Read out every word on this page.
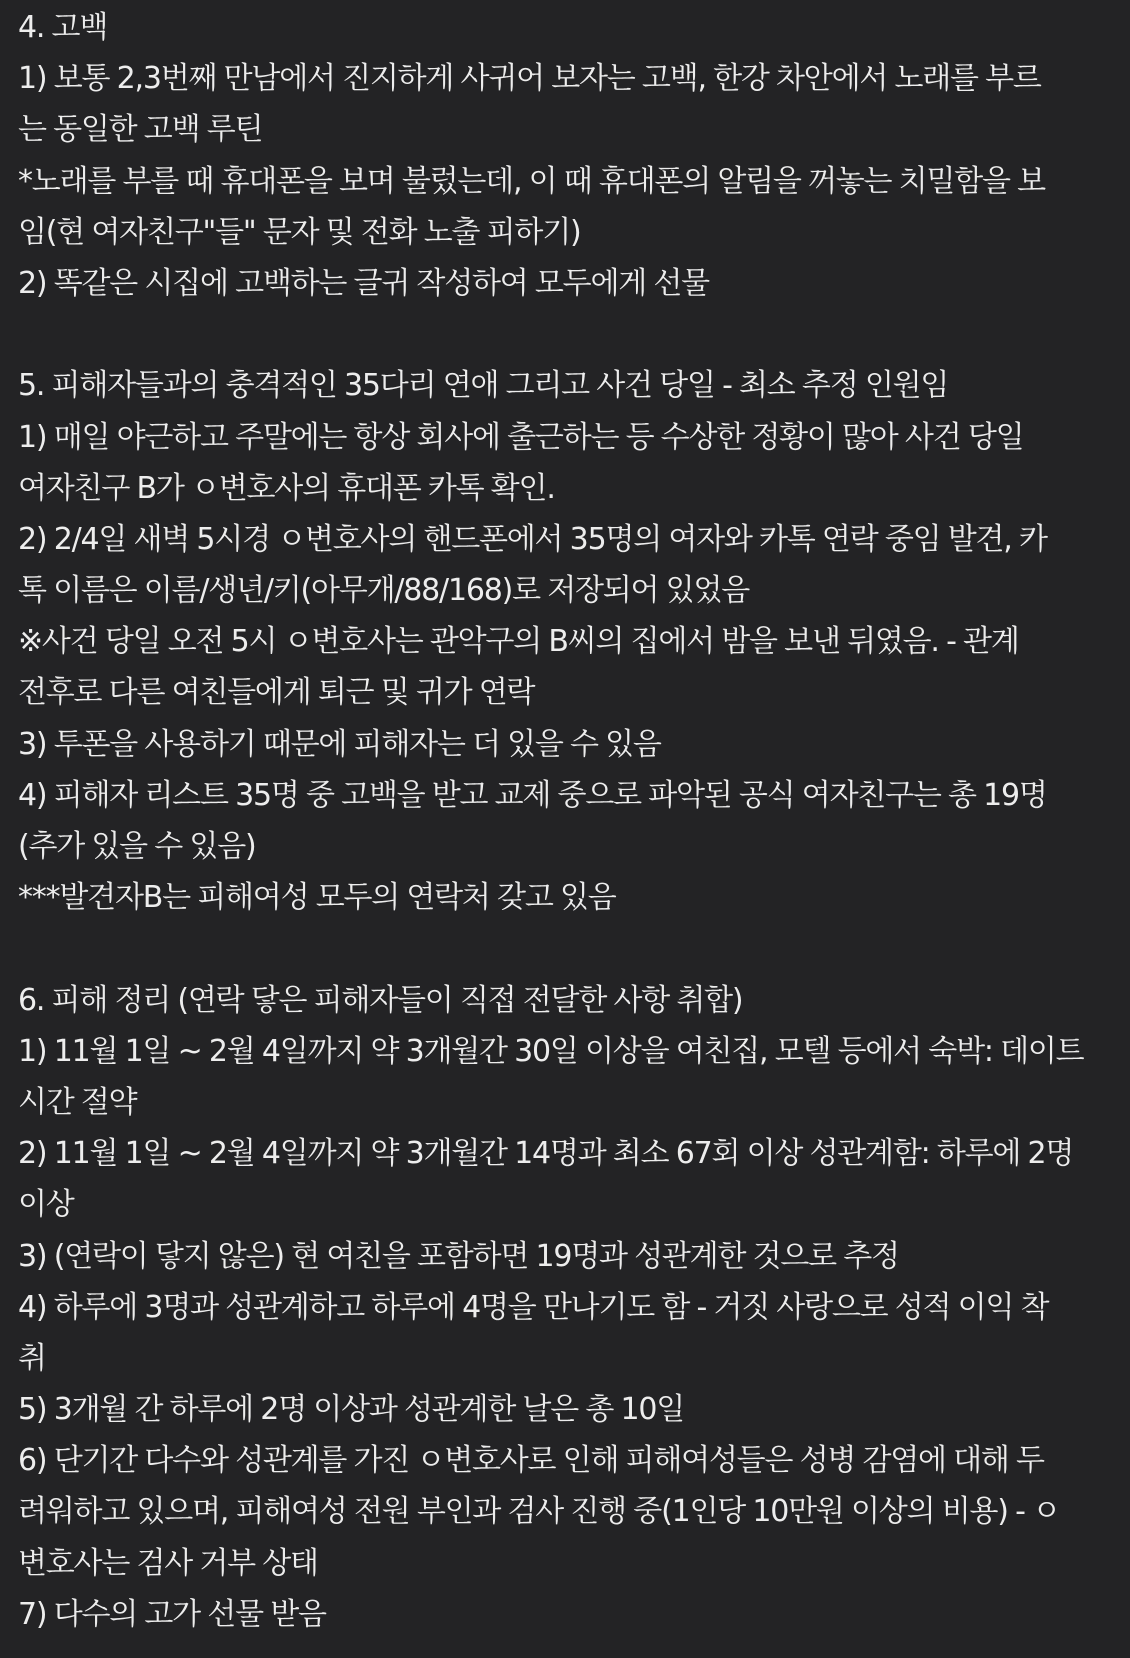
4. 고백
1) 보통 2,3번째 만남에서 진지하게 사귀어 보자는 고백, 한강 차안에서 노래를 부르
는 동일한 고백 루틴
*노래를 부를 때 휴대폰을 보며 불렀는데, 이 때 휴대폰의 알림을 꺼놓는 치밀함을 보
임(현 여자친구"들" 문자 및 전화 노출 피하기)
2) 똑같은 시집에 고백하는 글귀 작성하여 모두에게 선물
5. 피해자들과의 충격적인 35다리 연애 그리고 사건 당일 - 최소 추정 인원임
1) 매일 야근하고 주말에는 항상 회사에 출근하는 등 수상한 정황이 많아 사건 당일
여자친구 B가 ㅇ변호사의 휴대폰 카톡 확인.
2) 2/4일 새벽 5시경 ㅇ변호사의 핸드폰에서 35명의 여자와 카톡 연락 중임 발견, 카
톡 이름은 이름/생년/키(아무개/88/168)로 저장되어 있었음
※사건 당일 오전 5시 ㅇ변호사는 관악구의 B씨의 집에서 밤을 보낸 뒤였음. - 관계
전후로 다른 여친들에게 퇴근 및 귀가 연락
3) 투폰을 사용하기 때문에 피해자는 더 있을 수 있음
4) 피해자 리스트 35명 중 고백을 받고 교제 중으로 파악된 공식 여자친구는 총 19명
(추가 있을 수 있음)
***발견자B는 피해여성 모두의 연락처 갖고 있음
6. 피해 정리 (연락 닿은 피해자들이 직접 전달한 사항 취합)
1) 11월 1일 ~ 2월 4일까지 약 3개월간 30일 이상을 여친집, 모텔 등에서 숙박: 데이트
시간 절약
2) 11월 1일 ~ 2월 4일까지 약 3개월간 14명과 최소 67회 이상 성관계함: 하루에 2명
이상
3) (연락이 닿지 않은) 현 여친을 포함하면 19명과 성관계한 것으로 추정
4) 하루에 3명과 성관계하고 하루에 4명을 만나기도 함 - 거짓 사랑으로 성적 이익 착
취
5) 3개월 간 하루에 2명 이상과 성관계한 날은 총 10일
6) 단기간 다수와 성관계를 가진 ㅇ변호사로 인해 피해여성들은 성병 감염에 대해 두
려워하고 있으며, 피해여성 전원 부인과 검사 진행 중(1인당 10만원 이상의 비용) - ㅇ
변호사는 검사 거부 상태
7) 다수의 고가 선물 받음
